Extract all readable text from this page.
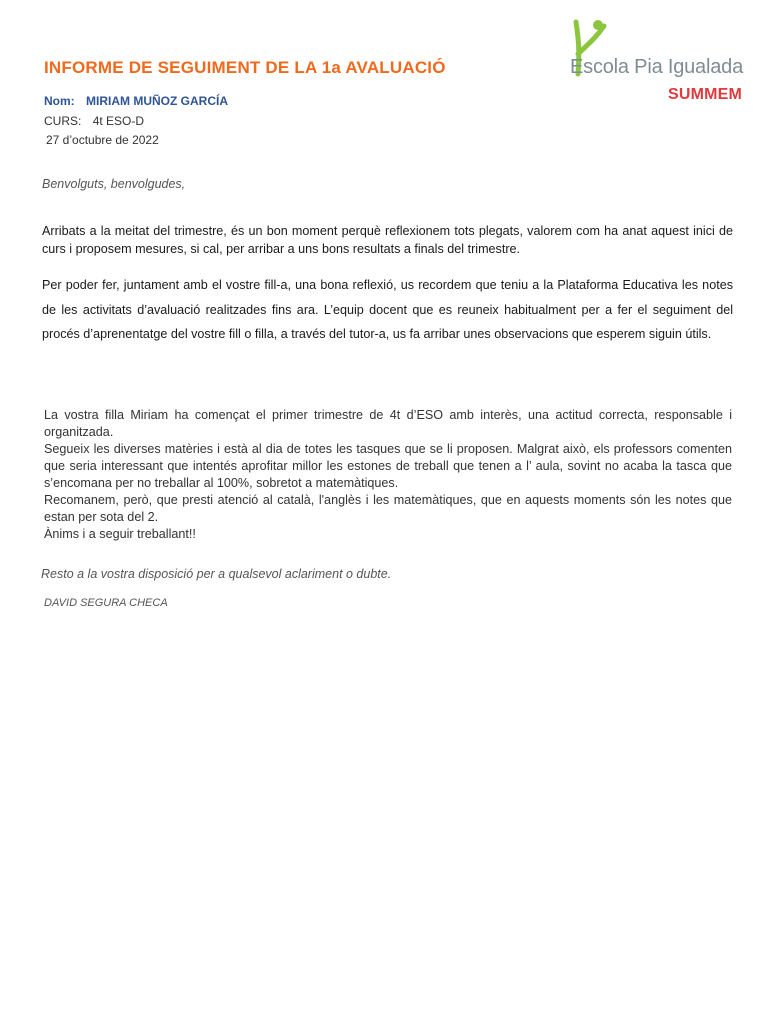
INFORME DE SEGUIMENT DE LA 1a AVALUACIÓ	Escola Pia Igualada
SUMMEM
Nom: MIRIAM MUÑOZ GARCÍA
CURS: 4t ESO-D
27 d’octubre de 2022
Benvolguts, benvolgudes,

Arribats a la meitat del trimestre, és un bon moment perquè reflexionem tots plegats, valorem com ha anat aquest inici de curs i proposem mesures, si cal, per arribar a uns bons resultats a finals del trimestre.

Per poder fer, juntament amb el vostre fill-a, una bona reflexió, us recordem que teniu a la Plataforma Educativa les notes de les activitats d’avaluació realitzades fins ara. L’equip docent que es reuneix habitualment per a fer el seguiment del procés d’aprenentatge del vostre fill o filla, a través del tutor-a, us fa arribar unes observacions que esperem siguin útils.

La vostra filla Miriam ha començat el primer trimestre de 4t d’ESO amb interès, una actitud correcta, responsable i organitzada.

Segueix les diverses matèries i està al dia de totes les tasques que se li proposen. Malgrat això, els professors comenten que seria interessant que intentés aprofitar millor les estones de treball que tenen a l’ aula, sovint no acaba la tasca que s’encomana per no treballar al 100%, sobretot a matemàtiques.

Recomanem, però, que presti atenció al català, l'anglès i les matemàtiques, que en aquests moments són les notes que estan per sota del 2.

Ànims i a seguir treballant!!

Resto a la vostra disposició per a qualsevol aclariment o dubte.
DAVID SEGURA CHECA
